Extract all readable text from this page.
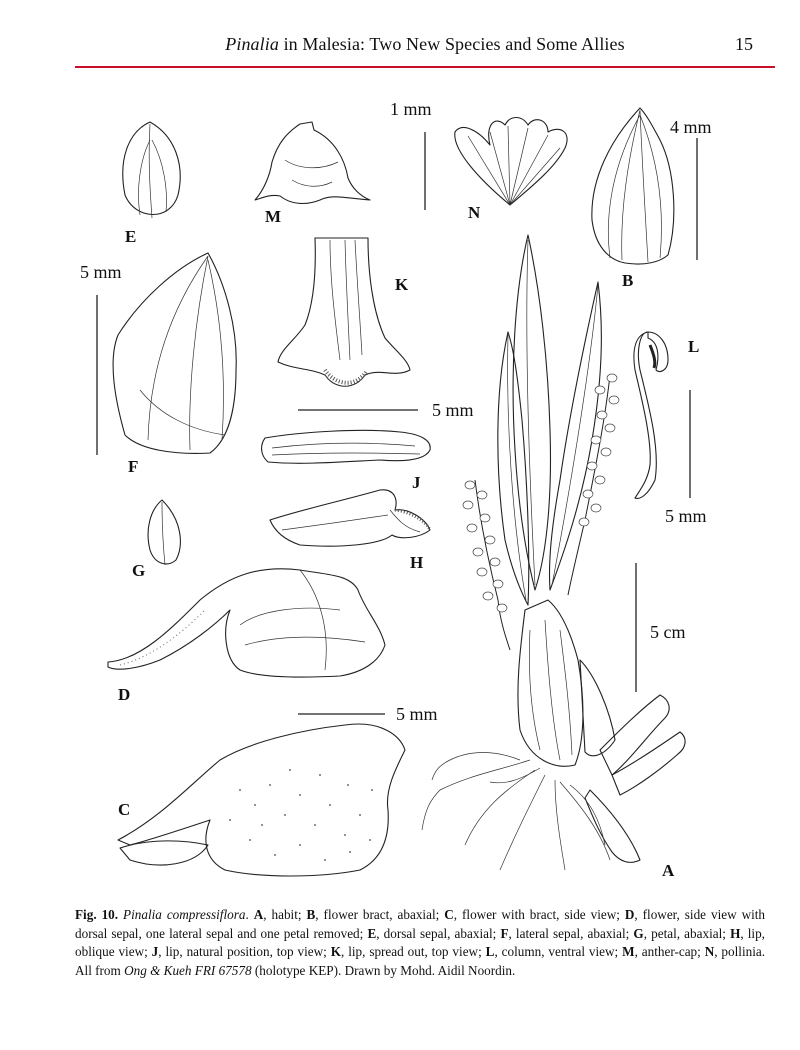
Pinalia in Malesia: Two New Species and Some Allies	15
E
M
1 mm
N
B
4 mm
5 mm
F
K
5 mm
J
G	H
D
5 mm
C
L
5 mm
5 cm
A
Fig. 10. Pinalia compressiflora. A, habit; B, flower bract, abaxial; C, flower with bract, side view; D, flower, side view with dorsal sepal, one lateral sepal and one petal removed; E, dorsal sepal, abaxial; F, lateral sepal, abaxial; G, petal, abaxial; H, lip, oblique view; J, lip, natural position, top view; K, lip, spread out, top view; L, column, ventral view; M, anther-cap; N, pollinia. All from Ong & Kueh FRI 67578 (holotype KEP). Drawn by Mohd. Aidil Noordin.
